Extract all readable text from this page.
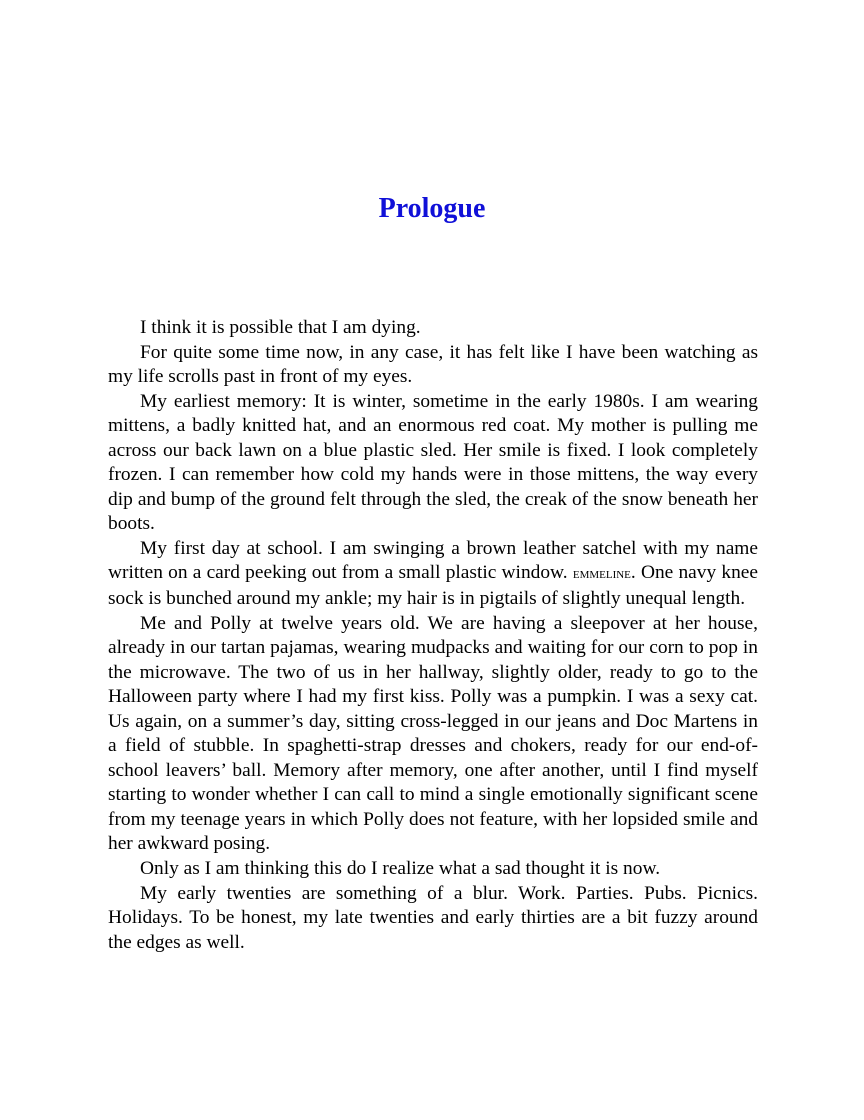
Prologue

I think it is possible that I am dying.

For quite some time now, in any case, it has felt like I have been watching as my life scrolls past in front of my eyes.

My earliest memory: It is winter, sometime in the early 1980s. I am wearing mittens, a badly knitted hat, and an enormous red coat. My mother is pulling me across our back lawn on a blue plastic sled. Her smile is fixed. I look completely frozen. I can remember how cold my hands were in those mittens, the way every dip and bump of the ground felt through the sled, the creak of the snow beneath her boots.

My first day at school. I am swinging a brown leather satchel with my name written on a card peeking out from a small plastic window. emmeline. One navy knee sock is bunched around my ankle; my hair is in pigtails of slightly unequal length.

Me and Polly at twelve years old. We are having a sleepover at her house, already in our tartan pajamas, wearing mudpacks and waiting for our corn to pop in the microwave. The two of us in her hallway, slightly older, ready to go to the Halloween party where I had my first kiss. Polly was a pumpkin. I was a sexy cat. Us again, on a summer’s day, sitting cross-legged in our jeans and Doc Martens in a field of stubble. In spaghetti-strap dresses and chokers, ready for our end-of-school leavers’ ball. Memory after memory, one after another, until I find myself starting to wonder whether I can call to mind a single emotionally significant scene from my teenage years in which Polly does not feature, with her lopsided smile and her awkward posing.

Only as I am thinking this do I realize what a sad thought it is now.

My early twenties are something of a blur. Work. Parties. Pubs. Picnics. Holidays. To be honest, my late twenties and early thirties are a bit fuzzy around the edges as well.
